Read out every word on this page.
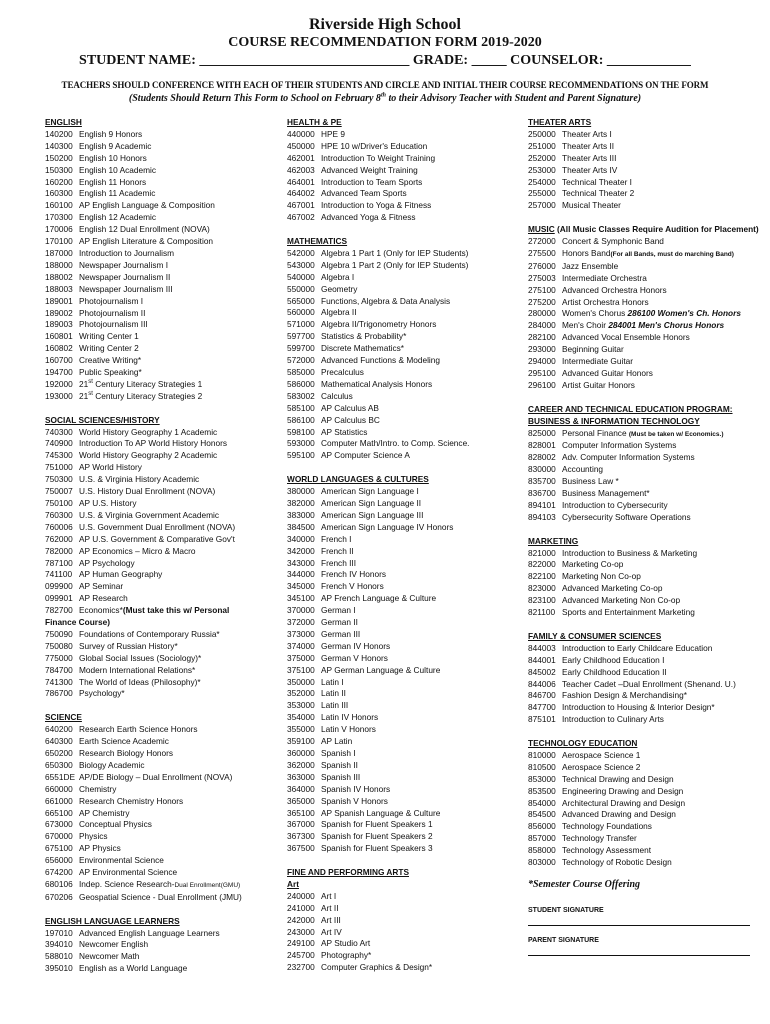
Riverside High School
COURSE RECOMMENDATION FORM 2019-2020
STUDENT NAME: ______________________________ GRADE: _____ COUNSELOR: ____________
TEACHERS SHOULD CONFERENCE WITH EACH OF THEIR STUDENTS AND CIRCLE AND INITIAL THEIR COURSE RECOMMENDATIONS ON THE FORM
(Students Should Return This Form to School on February 8th to their Advisory Teacher with Student and Parent Signature)
ENGLISH
140200 English 9 Honors
140300 English 9 Academic
150200 English 10 Honors
150300 English 10 Academic
160200 English 11 Honors
160300 English 11 Academic
160100 AP English Language & Composition
170300 English 12 Academic
170006 English 12 Dual Enrollment (NOVA)
170100 AP English Literature & Composition
187000 Introduction to Journalism
188000 Newspaper Journalism I
188002 Newspaper Journalism II
188003 Newspaper Journalism III
189001 Photojournalism I
189002 Photojournalism II
189003 Photojournalism III
160801 Writing Center 1
160802 Writing Center 2
160700 Creative Writing*
194700 Public Speaking*
192000 21st Century Literacy Strategies 1
193000 21st Century Literacy Strategies 2
SOCIAL SCIENCES/HISTORY
740300 World History Geography 1 Academic
740900 Introduction To AP World History Honors
745300 World History Geography 2 Academic
751000 AP World History
750300 U.S. & Virginia History Academic
750007 U.S. History Dual Enrollment (NOVA)
750100 AP U.S. History
760300 U.S. & Virginia Government Academic
760006 U.S. Government Dual Enrollment (NOVA)
762000 AP U.S. Government & Comparative Gov't
782000 AP Economics – Micro & Macro
787100 AP Psychology
741100 AP Human Geography
099900 AP Seminar
099901 AP Research
782700 Economics*(Must take this w/ Personal
Finance Course)
750090 Foundations of Contemporary Russia*
750080 Survey of Russian History*
775000 Global Social Issues (Sociology)*
784700 Modern International Relations*
741300 The World of Ideas (Philosophy)*
786700 Psychology*
SCIENCE
640200 Research Earth Science Honors
640300 Earth Science Academic
650200 Research Biology Honors
650300 Biology Academic
6551DE AP/DE Biology – Dual Enrollment (NOVA)
660000 Chemistry
661000 Research Chemistry Honors
665100 AP Chemistry
673000 Conceptual Physics
670000 Physics
675100 AP Physics
656000 Environmental Science
674200 AP Environmental Science
680106 Indep. Science Research-Dual Enrollment(GMU)
670206 Geospatial Science - Dual Enrollment (JMU)
ENGLISH LANGUAGE LEARNERS
197010 Advanced English Language Learners
394010 Newcomer English
588010 Newcomer Math
395010 English as a World Language
HEALTH & PE
440000 HPE 9
450000 HPE 10 w/Driver's Education
462001 Introduction To Weight Training
462003 Advanced Weight Training
464001 Introduction to Team Sports
464002 Advanced Team Sports
467001 Introduction to Yoga & Fitness
467002 Advanced Yoga & Fitness
MATHEMATICS
542000 Algebra 1 Part 1 (Only for IEP Students)
543000 Algebra 1 Part 2 (Only for IEP Students)
540000 Algebra I
550000 Geometry
565000 Functions, Algebra & Data Analysis
560000 Algebra II
571000 Algebra II/Trigonometry Honors
597700 Statistics & Probability*
599700 Discrete Mathematics*
572000 Advanced Functions & Modeling
585000 Precalculus
586000 Mathematical Analysis Honors
583002 Calculus
585100 AP Calculus AB
586100 AP Calculus BC
598100 AP Statistics
593000 Computer Math/Intro. to Comp. Science.
595100 AP Computer Science A
WORLD LANGUAGES & CULTURES
380000 American Sign Language I
382000 American Sign Language II
383000 American Sign Language III
384500 American Sign Language IV Honors
340000 French I
342000 French II
343000 French III
344000 French IV Honors
345000 French V Honors
345100 AP French Language & Culture
370000 German I
372000 German II
373000 German III
374000 German IV Honors
375000 German V Honors
375100 AP German Language & Culture
350000 Latin I
352000 Latin II
353000 Latin III
354000 Latin IV Honors
355000 Latin V Honors
359100 AP Latin
360000 Spanish I
362000 Spanish II
363000 Spanish III
364000 Spanish IV Honors
365000 Spanish V Honors
365100 AP Spanish Language & Culture
367000 Spanish for Fluent Speakers 1
367300 Spanish for Fluent Speakers 2
367500 Spanish for Fluent Speakers 3
FINE AND PERFORMING ARTS
Art
240000 Art I
241000 Art II
242000 Art III
243000 Art IV
249100 AP Studio Art
245700 Photography*
232700 Computer Graphics & Design*
THEATER ARTS
250000 Theater Arts I
251000 Theater Arts II
252000 Theater Arts III
253000 Theater Arts IV
254000 Technical Theater I
255000 Technical Theater 2
257000 Musical Theater
MUSIC (All Music Classes Require Audition for Placement)
272000 Concert & Symphonic Band
275500 Honors Band(For all Bands, must do marching Band)
276000 Jazz Ensemble
275003 Intermediate Orchestra
275100 Advanced Orchestra Honors
275200 Artist Orchestra Honors
280000 Women's Chorus 286100 Women's Ch. Honors
284000 Men's Choir 284001 Men's Chorus Honors
282100 Advanced Vocal Ensemble Honors
293000 Beginning Guitar
294000 Intermediate Guitar
295100 Advanced Guitar Honors
296100 Artist Guitar Honors
CAREER AND TECHNICAL EDUCATION PROGRAM:
BUSINESS & INFORMATION TECHNOLOGY
825000 Personal Finance (Must be taken w/ Economics.)
828001 Computer Information Systems
828002 Adv. Computer Information Systems
830000 Accounting
835700 Business Law *
836700 Business Management*
894101 Introduction to Cybersecurity
894103 Cybersecurity Software Operations
MARKETING
821000 Introduction to Business & Marketing
822000 Marketing Co-op
822100 Marketing Non Co-op
823000 Advanced Marketing Co-op
823100 Advanced Marketing Non Co-op
821100 Sports and Entertainment Marketing
FAMILY & CONSUMER SCIENCES
844003 Introduction to Early Childcare Education
844001 Early Childhood Education I
845002 Early Childhood Education II
844006 Teacher Cadet –Dual Enrollment (Shenand. U.)
846700 Fashion Design & Merchandising*
847700 Introduction to Housing & Interior Design*
875101 Introduction to Culinary Arts
TECHNOLOGY EDUCATION
810000 Aerospace Science 1
810500 Aerospace Science 2
853000 Technical Drawing and Design
853500 Engineering Drawing and Design
854000 Architectural Drawing and Design
854500 Advanced Drawing and Design
856000 Technology Foundations
857000 Technology Transfer
858000 Technology Assessment
803000 Technology of Robotic Design
*Semester Course Offering
STUDENT SIGNATURE
PARENT SIGNATURE
